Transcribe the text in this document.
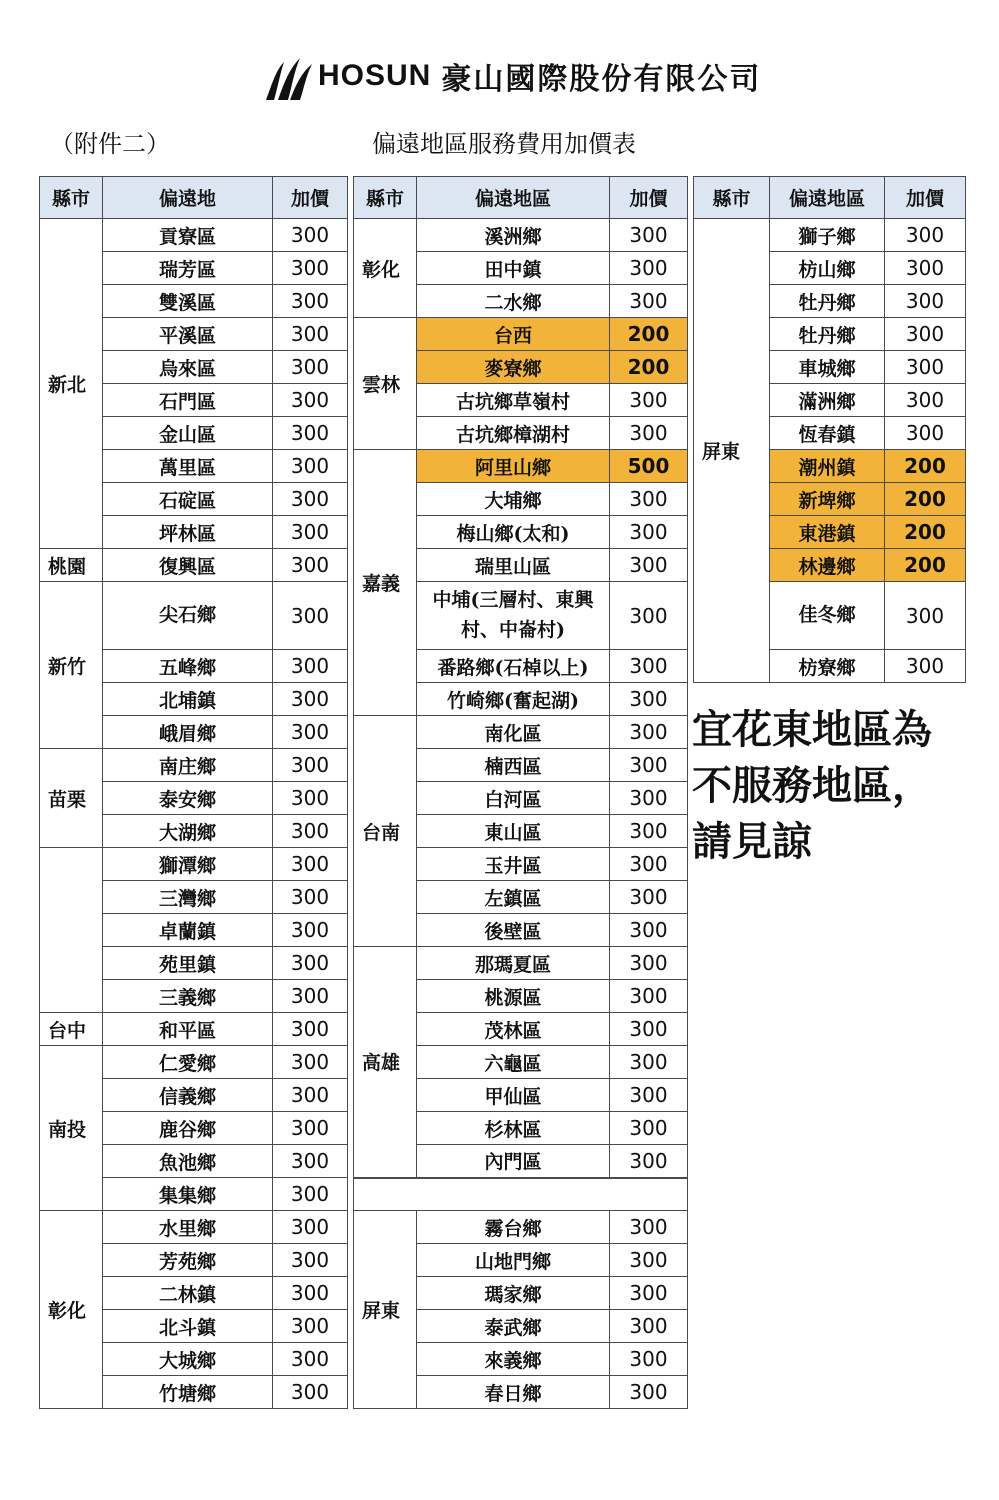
HOSUN 豪山國際股份有限公司
（附件二）	偏遠地區服務費用加價表
縣市	偏遠地	加價
新北	貢寮區	300
	瑞芳區	300
	雙溪區	300
	平溪區	300
	烏來區	300
	石門區	300
	金山區	300
	萬里區	300
	石碇區	300
	坪林區	300
桃園	復興區	300
新竹	尖石鄉	300
	五峰鄉	300
	北埔鎮	300
	峨眉鄉	300
苗栗	南庄鄉	300
	泰安鄉	300
	大湖鄉	300
	獅潭鄉	300
	三灣鄉	300
	卓蘭鎮	300
	苑里鎮	300
	三義鄉	300
台中	和平區	300
南投	仁愛鄉	300
	信義鄉	300
	鹿谷鄉	300
	魚池鄉	300
	集集鄉	300
彰化	水里鄉	300
	芳苑鄉	300
	二林鎮	300
	北斗鎮	300
	大城鄉	300
	竹塘鄉	300
縣市	偏遠地區	加價
彰化	溪洲鄉	300
	田中鎮	300
	二水鄉	300
雲林	台西	200
	麥寮鄉	200
	古坑鄉草嶺村	300
	古坑鄉樟湖村	300
嘉義	阿里山鄉	500
	大埔鄉	300
	梅山鄉(太和)	300
	瑞里山區	300
	中埔(三層村、東興村、中崙村)	300
	番路鄉(石棹以上)	300
	竹崎鄉(奮起湖)	300
台南	南化區	300
	楠西區	300
	白河區	300
	東山區	300
	玉井區	300
	左鎮區	300
	後壁區	300
高雄	那瑪夏區	300
	桃源區	300
	茂林區	300
	六龜區	300
	甲仙區	300
	杉林區	300
	內門區	300

屏東	霧台鄉	300
	山地門鄉	300
	瑪家鄉	300
	泰武鄉	300
	來義鄉	300
	春日鄉	300
縣市	偏遠地區	加價
屏東	獅子鄉	300
	枋山鄉	300
	牡丹鄉	300
	牡丹鄉	300
	車城鄉	300
	滿洲鄉	300
	恆春鎮	300
	潮州鎮	200
	新埤鄉	200
	東港鎮	200
	林邊鄉	200
	佳冬鄉	300
	枋寮鄉	300
宜花東地區為
不服務地區，
請見諒
